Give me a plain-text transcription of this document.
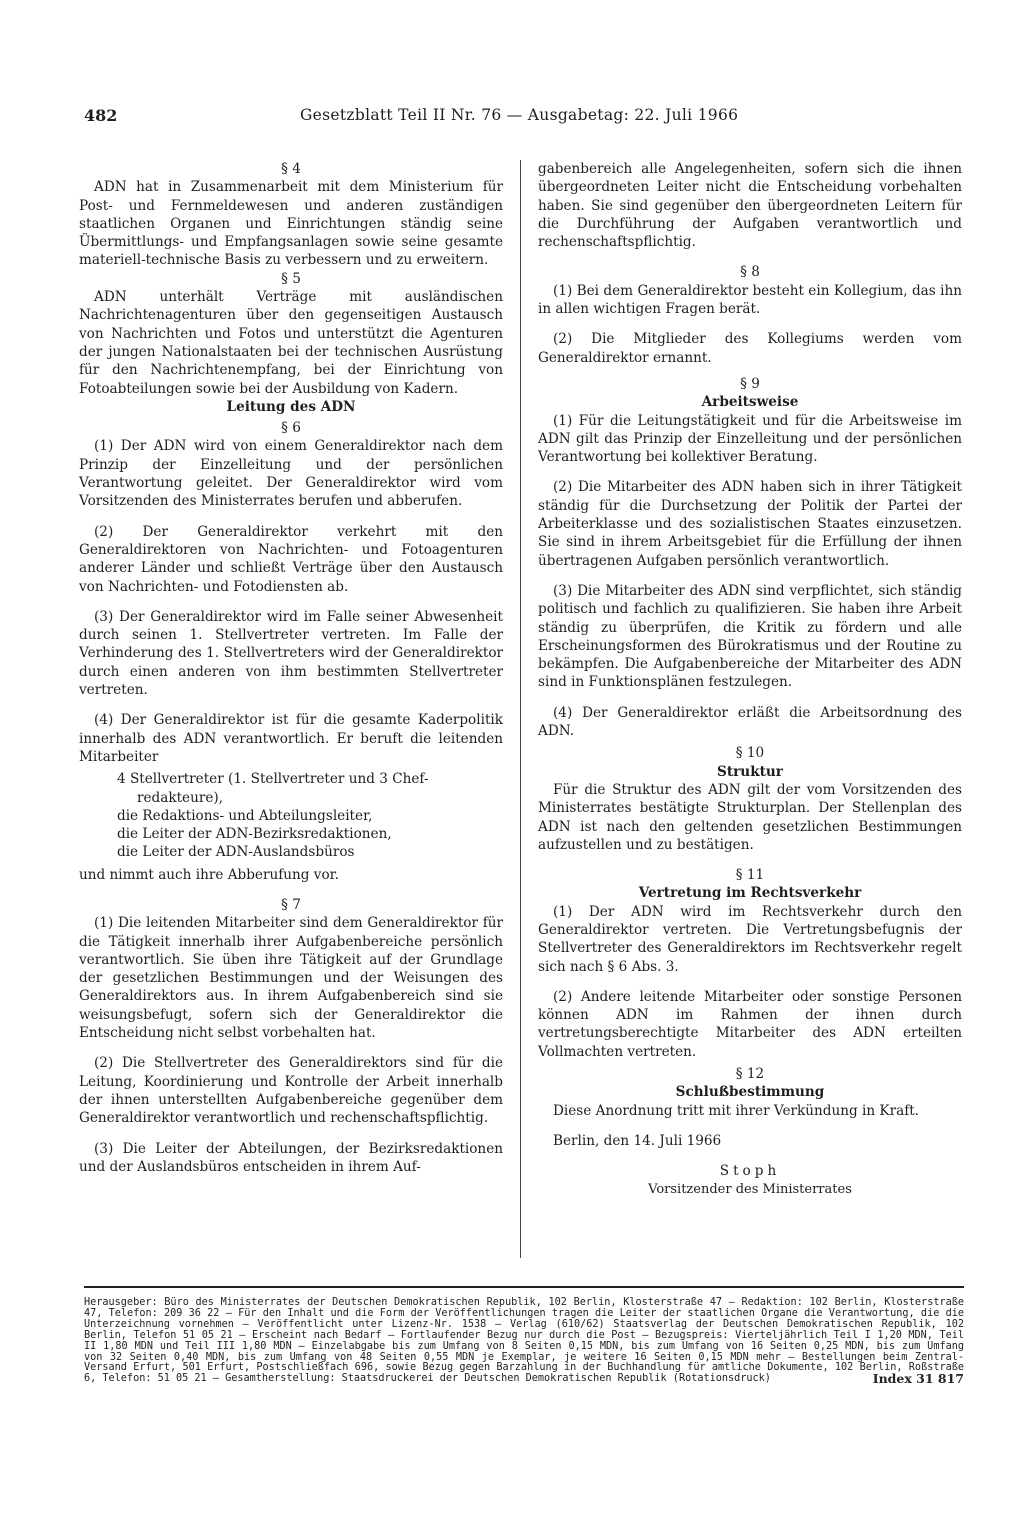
482	Gesetzblatt Teil II Nr. 76 — Ausgabetag: 22. Juli 1966

§ 4

ADN hat in Zusammenarbeit mit dem Ministerium für Post- und Fernmeldewesen und anderen zuständigen staatlichen Organen und Einrichtungen ständig seine Übermittlungs- und Empfangsanlagen sowie seine gesamte materiell-technische Basis zu verbessern und zu erweitern.

§ 5

ADN unterhält Verträge mit ausländischen Nachrichtenagenturen über den gegenseitigen Austausch von Nachrichten und Fotos und unterstützt die Agenturen der jungen Nationalstaaten bei der technischen Ausrüstung für den Nachrichtenempfang, bei der Einrichtung von Fotoabteilungen sowie bei der Ausbildung von Kadern.

Leitung des ADN

§ 6

(1) Der ADN wird von einem Generaldirektor nach dem Prinzip der Einzelleitung und der persönlichen Verantwortung geleitet. Der Generaldirektor wird vom Vorsitzenden des Ministerrates berufen und abberufen.

(2) Der Generaldirektor verkehrt mit den Generaldirektoren von Nachrichten- und Fotoagenturen anderer Länder und schließt Verträge über den Austausch von Nachrichten- und Fotodiensten ab.

(3) Der Generaldirektor wird im Falle seiner Abwesenheit durch seinen 1. Stellvertreter vertreten. Im Falle der Verhinderung des 1. Stellvertreters wird der Generaldirektor durch einen anderen von ihm bestimmten Stellvertreter vertreten.

(4) Der Generaldirektor ist für die gesamte Kaderpolitik innerhalb des ADN verantwortlich. Er beruft die leitenden Mitarbeiter

4 Stellvertreter (1. Stellvertreter und 3 Chef-
redakteure),
die Redaktions- und Abteilungsleiter,
die Leiter der ADN-Bezirksredaktionen,
die Leiter der ADN-Auslandsbüros

und nimmt auch ihre Abberufung vor.

§ 7

(1) Die leitenden Mitarbeiter sind dem Generaldirektor für die Tätigkeit innerhalb ihrer Aufgabenbereiche persönlich verantwortlich. Sie üben ihre Tätigkeit auf der Grundlage der gesetzlichen Bestimmungen und der Weisungen des Generaldirektors aus. In ihrem Aufgabenbereich sind sie weisungsbefugt, sofern sich der Generaldirektor die Entscheidung nicht selbst vorbehalten hat.

(2) Die Stellvertreter des Generaldirektors sind für die Leitung, Koordinierung und Kontrolle der Arbeit innerhalb der ihnen unterstellten Aufgabenbereiche gegenüber dem Generaldirektor verantwortlich und rechenschaftspflichtig.

(3) Die Leiter der Abteilungen, der Bezirksredaktionen und der Auslandsbüros entscheiden in ihrem Auf-

gabenbereich alle Angelegenheiten, sofern sich die ihnen übergeordneten Leiter nicht die Entscheidung vorbehalten haben. Sie sind gegenüber den übergeordneten Leitern für die Durchführung der Aufgaben verantwortlich und rechenschaftspflichtig.

§ 8

(1) Bei dem Generaldirektor besteht ein Kollegium, das ihn in allen wichtigen Fragen berät.

(2) Die Mitglieder des Kollegiums werden vom Generaldirektor ernannt.

§ 9

Arbeitsweise

(1) Für die Leitungstätigkeit und für die Arbeitsweise im ADN gilt das Prinzip der Einzelleitung und der persönlichen Verantwortung bei kollektiver Beratung.

(2) Die Mitarbeiter des ADN haben sich in ihrer Tätigkeit ständig für die Durchsetzung der Politik der Partei der Arbeiterklasse und des sozialistischen Staates einzusetzen. Sie sind in ihrem Arbeitsgebiet für die Erfüllung der ihnen übertragenen Aufgaben persönlich verantwortlich.

(3) Die Mitarbeiter des ADN sind verpflichtet, sich ständig politisch und fachlich zu qualifizieren. Sie haben ihre Arbeit ständig zu überprüfen, die Kritik zu fördern und alle Erscheinungsformen des Bürokratismus und der Routine zu bekämpfen. Die Aufgabenbereiche der Mitarbeiter des ADN sind in Funktionsplänen festzulegen.

(4) Der Generaldirektor erläßt die Arbeitsordnung des ADN.

§ 10

Struktur

Für die Struktur des ADN gilt der vom Vorsitzenden des Ministerrates bestätigte Strukturplan. Der Stellenplan des ADN ist nach den geltenden gesetzlichen Bestimmungen aufzustellen und zu bestätigen.

§ 11

Vertretung im Rechtsverkehr

(1) Der ADN wird im Rechtsverkehr durch den Generaldirektor vertreten. Die Vertretungsbefugnis der Stellvertreter des Generaldirektors im Rechtsverkehr regelt sich nach § 6 Abs. 3.

(2) Andere leitende Mitarbeiter oder sonstige Personen können ADN im Rahmen der ihnen durch vertretungsberechtigte Mitarbeiter des ADN erteilten Vollmachten vertreten.

§ 12

Schlußbestimmung

Diese Anordnung tritt mit ihrer Verkündung in Kraft.

Berlin, den 14. Juli 1966

Stoph

Vorsitzender des Ministerrates

Herausgeber: Büro des Ministerrates der Deutschen Demokratischen Republik, 102 Berlin, Klosterstraße 47 – Redaktion: 102 Berlin, Klosterstraße 47, Telefon: 209 36 22 – Für den Inhalt und die Form der Veröffentlichungen tragen die Leiter der staatlichen Organe die Verantwortung, die die Unterzeichnung vornehmen – Veröffentlicht unter Lizenz-Nr. 1538 – Verlag (610/62) Staatsverlag der Deutschen Demokratischen Republik, 102 Berlin, Telefon 51 05 21 – Erscheint nach Bedarf – Fortlaufender Bezug nur durch die Post – Bezugspreis: Vierteljährlich Teil I 1,20 MDN, Teil II 1,80 MDN und Teil III 1,80 MDN – Einzelabgabe bis zum Umfang von 8 Seiten 0,15 MDN, bis zum Umfang von 16 Seiten 0,25 MDN, bis zum Umfang von 32 Seiten 0,40 MDN, bis zum Umfang von 48 Seiten 0,55 MDN je Exemplar, je weitere 16 Seiten 0,15 MDN mehr – Bestellungen beim Zentral-Versand Erfurt, 501 Erfurt, Postschließfach 696, sowie Bezug gegen Barzahlung in der Buchhandlung für amtliche Dokumente, 102 Berlin, Roßstraße 6, Telefon: 51 05 21 – Gesamtherstellung: Staatsdruckerei der Deutschen Demokratischen Republik (Rotationsdruck)	Index 31 817
